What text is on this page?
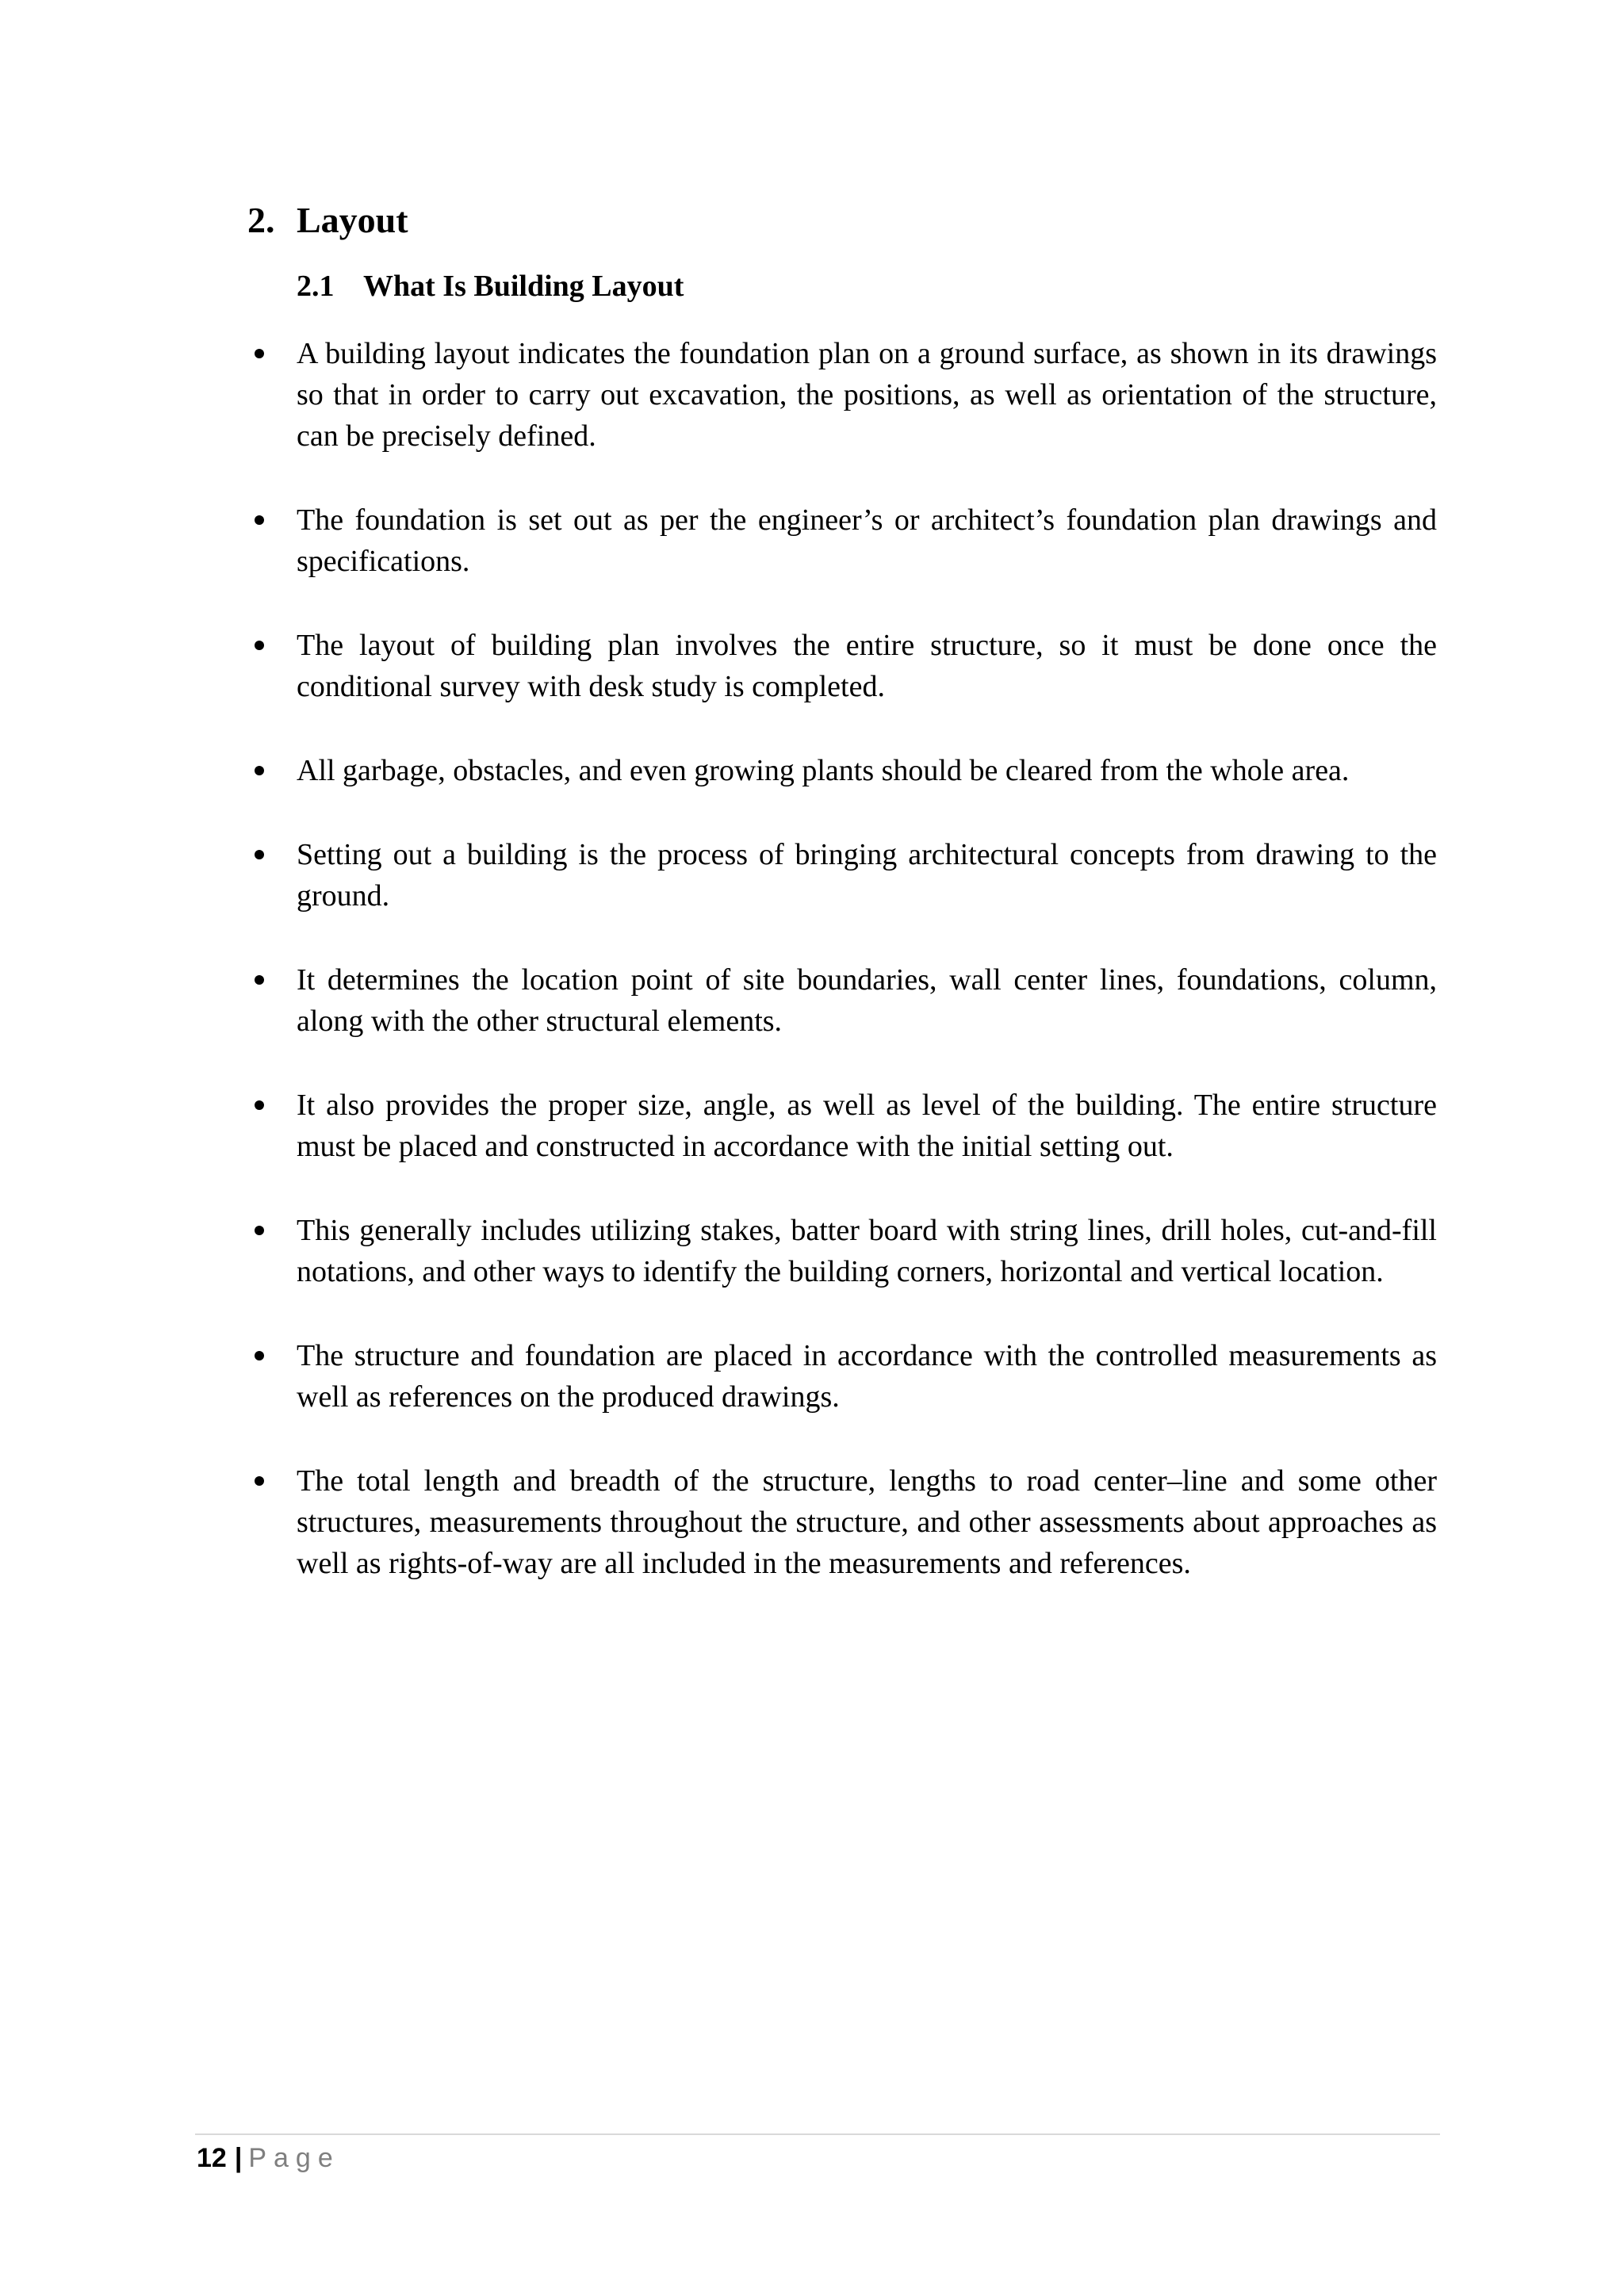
2. Layout
2.1 What Is Building Layout
A building layout indicates the foundation plan on a ground surface, as shown in its drawings so that in order to carry out excavation, the positions, as well as orientation of the structure, can be precisely defined.
The foundation is set out as per the engineer’s or architect’s foundation plan drawings and specifications.
The layout of building plan involves the entire structure, so it must be done once the conditional survey with desk study is completed.
All garbage, obstacles, and even growing plants should be cleared from the whole area.
Setting out a building is the process of bringing architectural concepts from drawing to the ground.
It determines the location point of site boundaries, wall center lines, foundations, column, along with the other structural elements.
It also provides the proper size, angle, as well as level of the building. The entire structure must be placed and constructed in accordance with the initial setting out.
This generally includes utilizing stakes, batter board with string lines, drill holes, cut-and-fill notations, and other ways to identify the building corners, horizontal and vertical location.
The structure and foundation are placed in accordance with the controlled measurements as well as references on the produced drawings.
The total length and breadth of the structure, lengths to road center–line and some other structures, measurements throughout the structure, and other assessments about approaches as well as rights-of-way are all included in the measurements and references.
12 | Page
